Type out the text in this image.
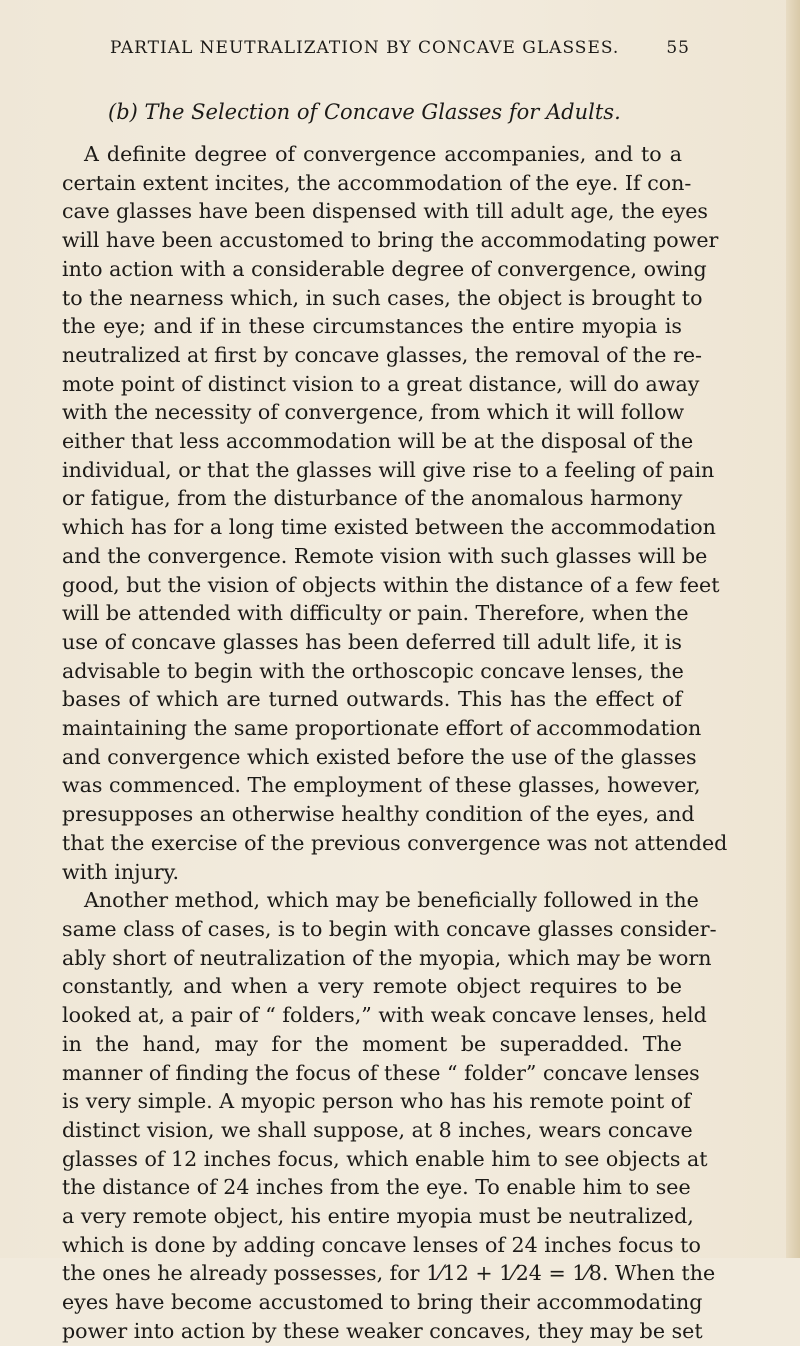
PARTIAL NEUTRALIZATION BY CONCAVE GLASSES.	55
(b) The Selection of Concave Glasses for Adults.
A definite degree of convergence accompanies, and to a
certain extent incites, the accommodation of the eye. If con-
cave glasses have been dispensed with till adult age, the eyes
will have been accustomed to bring the accommodating power
into action with a considerable degree of convergence, owing
to the nearness which, in such cases, the object is brought to
the eye; and if in these circumstances the entire myopia is
neutralized at first by concave glasses, the removal of the re-
mote point of distinct vision to a great distance, will do away
with the necessity of convergence, from which it will follow
either that less accommodation will be at the disposal of the
individual, or that the glasses will give rise to a feeling of pain
or fatigue, from the disturbance of the anomalous harmony
which has for a long time existed between the accommodation
and the convergence. Remote vision with such glasses will be
good, but the vision of objects within the distance of a few feet
will be attended with difficulty or pain. Therefore, when the
use of concave glasses has been deferred till adult life, it is
advisable to begin with the orthoscopic concave lenses, the
bases of which are turned outwards. This has the effect of
maintaining the same proportionate effort of accommodation
and convergence which existed before the use of the glasses
was commenced. The employment of these glasses, however,
presupposes an otherwise healthy condition of the eyes, and
that the exercise of the previous convergence was not attended
with injury.
Another method, which may be beneficially followed in the
same class of cases, is to begin with concave glasses consider-
ably short of neutralization of the myopia, which may be worn
constantly, and when a very remote object requires to be
looked at, a pair of “ folders,” with weak concave lenses, held
in the hand, may for the moment be superadded. The
manner of finding the focus of these “ folder” concave lenses
is very simple. A myopic person who has his remote point of
distinct vision, we shall suppose, at 8 inches, wears concave
glasses of 12 inches focus, which enable him to see objects at
the distance of 24 inches from the eye. To enable him to see
a very remote object, his entire myopia must be neutralized,
which is done by adding concave lenses of 24 inches focus to
the ones he already possesses, for 1⁄12 + 1⁄24 = 1⁄8. When the
eyes have become accustomed to bring their accommodating
power into action by these weaker concaves, they may be set
